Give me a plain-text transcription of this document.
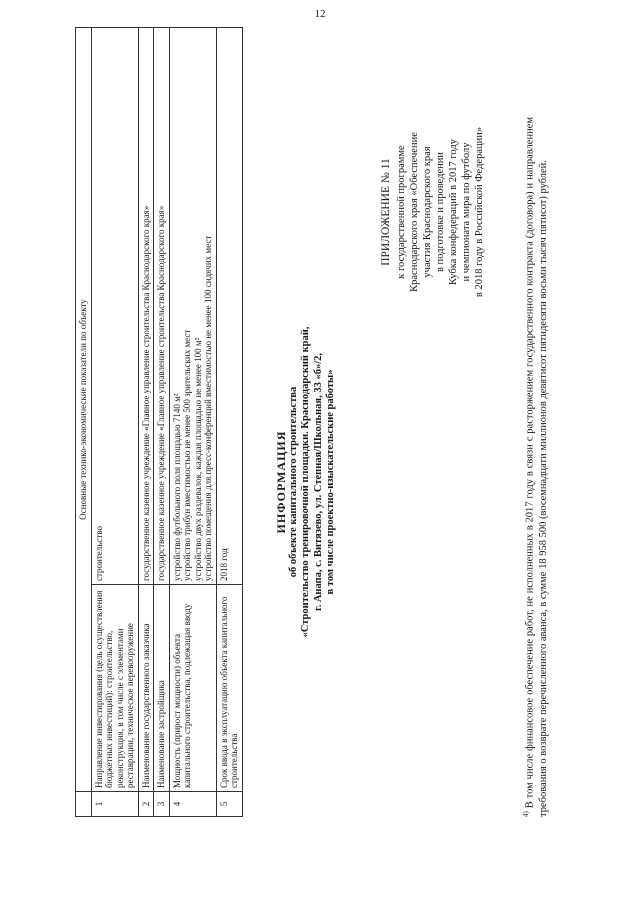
12
$^{4)}$ В том числе финансовое обеспечение работ, не исполненных в 2017 году в связи с расторжением государственного контракта (договора) и направлением требования о возврате перечисленного аванса, в сумме 18 958 500 (восемнадцати миллионов девятисот пятидесяти восьми тысяч пятисот) рублей.
ПРИЛОЖЕНИЕ № 11 к государственной программе Краснодарского края «Обеспечение участия Краснодарского края в подготовке и проведении Кубка конфедераций в 2017 году и чемпионата мира по футболу в 2018 году в Российской Федерации»
ИНФОРМАЦИЯ об объекте капитального строительства «Строительство тренировочной площадки. Краснодарский край, г. Анапа, с. Витязево, ул. Степная/Школьная, 33 «б»/2, в том числе проектно-изыскательские работы»
	Основные технико-экономические показатели по объекту	
1	Направление инвестирования (цель осуществления бюджетных инвестиций): строительство, реконструкция, в том числе с элементами реставрации, техническое перевооружение	строительство
2	Наименование государственного заказчика	государственное казенное учреждение «Главное управление строительства Краснодарского края»
3	Наименование застройщика	государственное казенное учреждение «Главное управление строительства Краснодарского края»
4	Мощность (прирост мощности) объекта капитального строительства, подлежащая вводу	устройство футбольного поля площадью 7140 м² устройство трибун вместимостью не менее 500 зрительских мест устройство двух раздевалок, каждая площадью не менее 100 м² устройство помещения для пресс-конференций вместимостью не менее 100 сидячих мест

5	Срок ввода в эксплуатацию объекта капитального строительства	2018 год
